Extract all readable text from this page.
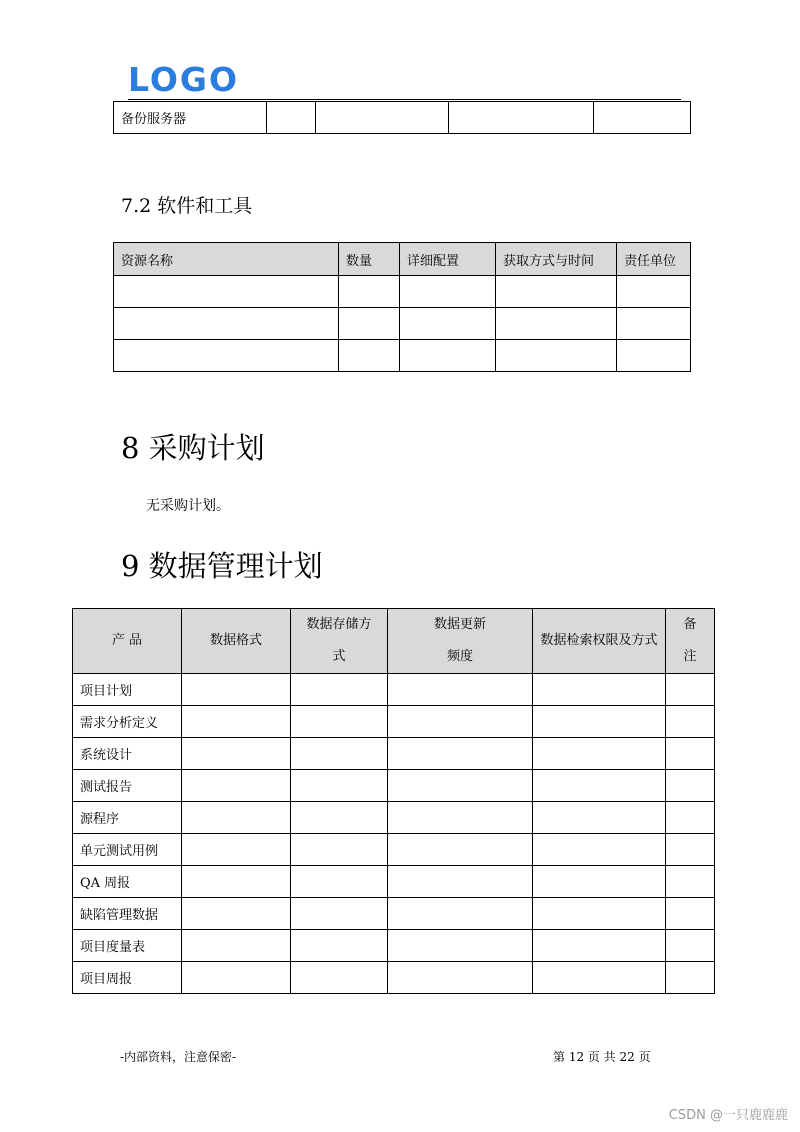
LOGO
备份服务器				
7.2 软件和工具
资源名称	数量	详细配置	获取方式与时间	责任单位

8 采购计划
无采购计划。
9 数据管理计划
产 品	数据格式	数据存储方式	数据更新频度	数据检索权限及方式	备注
项目计划					
需求分析定义					
系统设计					
测试报告					
源程序					
单元测试用例					
QA 周报					
缺陷管理数据					
项目度量表					
项目周报					
-内部资料，注意保密-	第 12 页 共 22 页
CSDN @一只鹿鹿鹿
